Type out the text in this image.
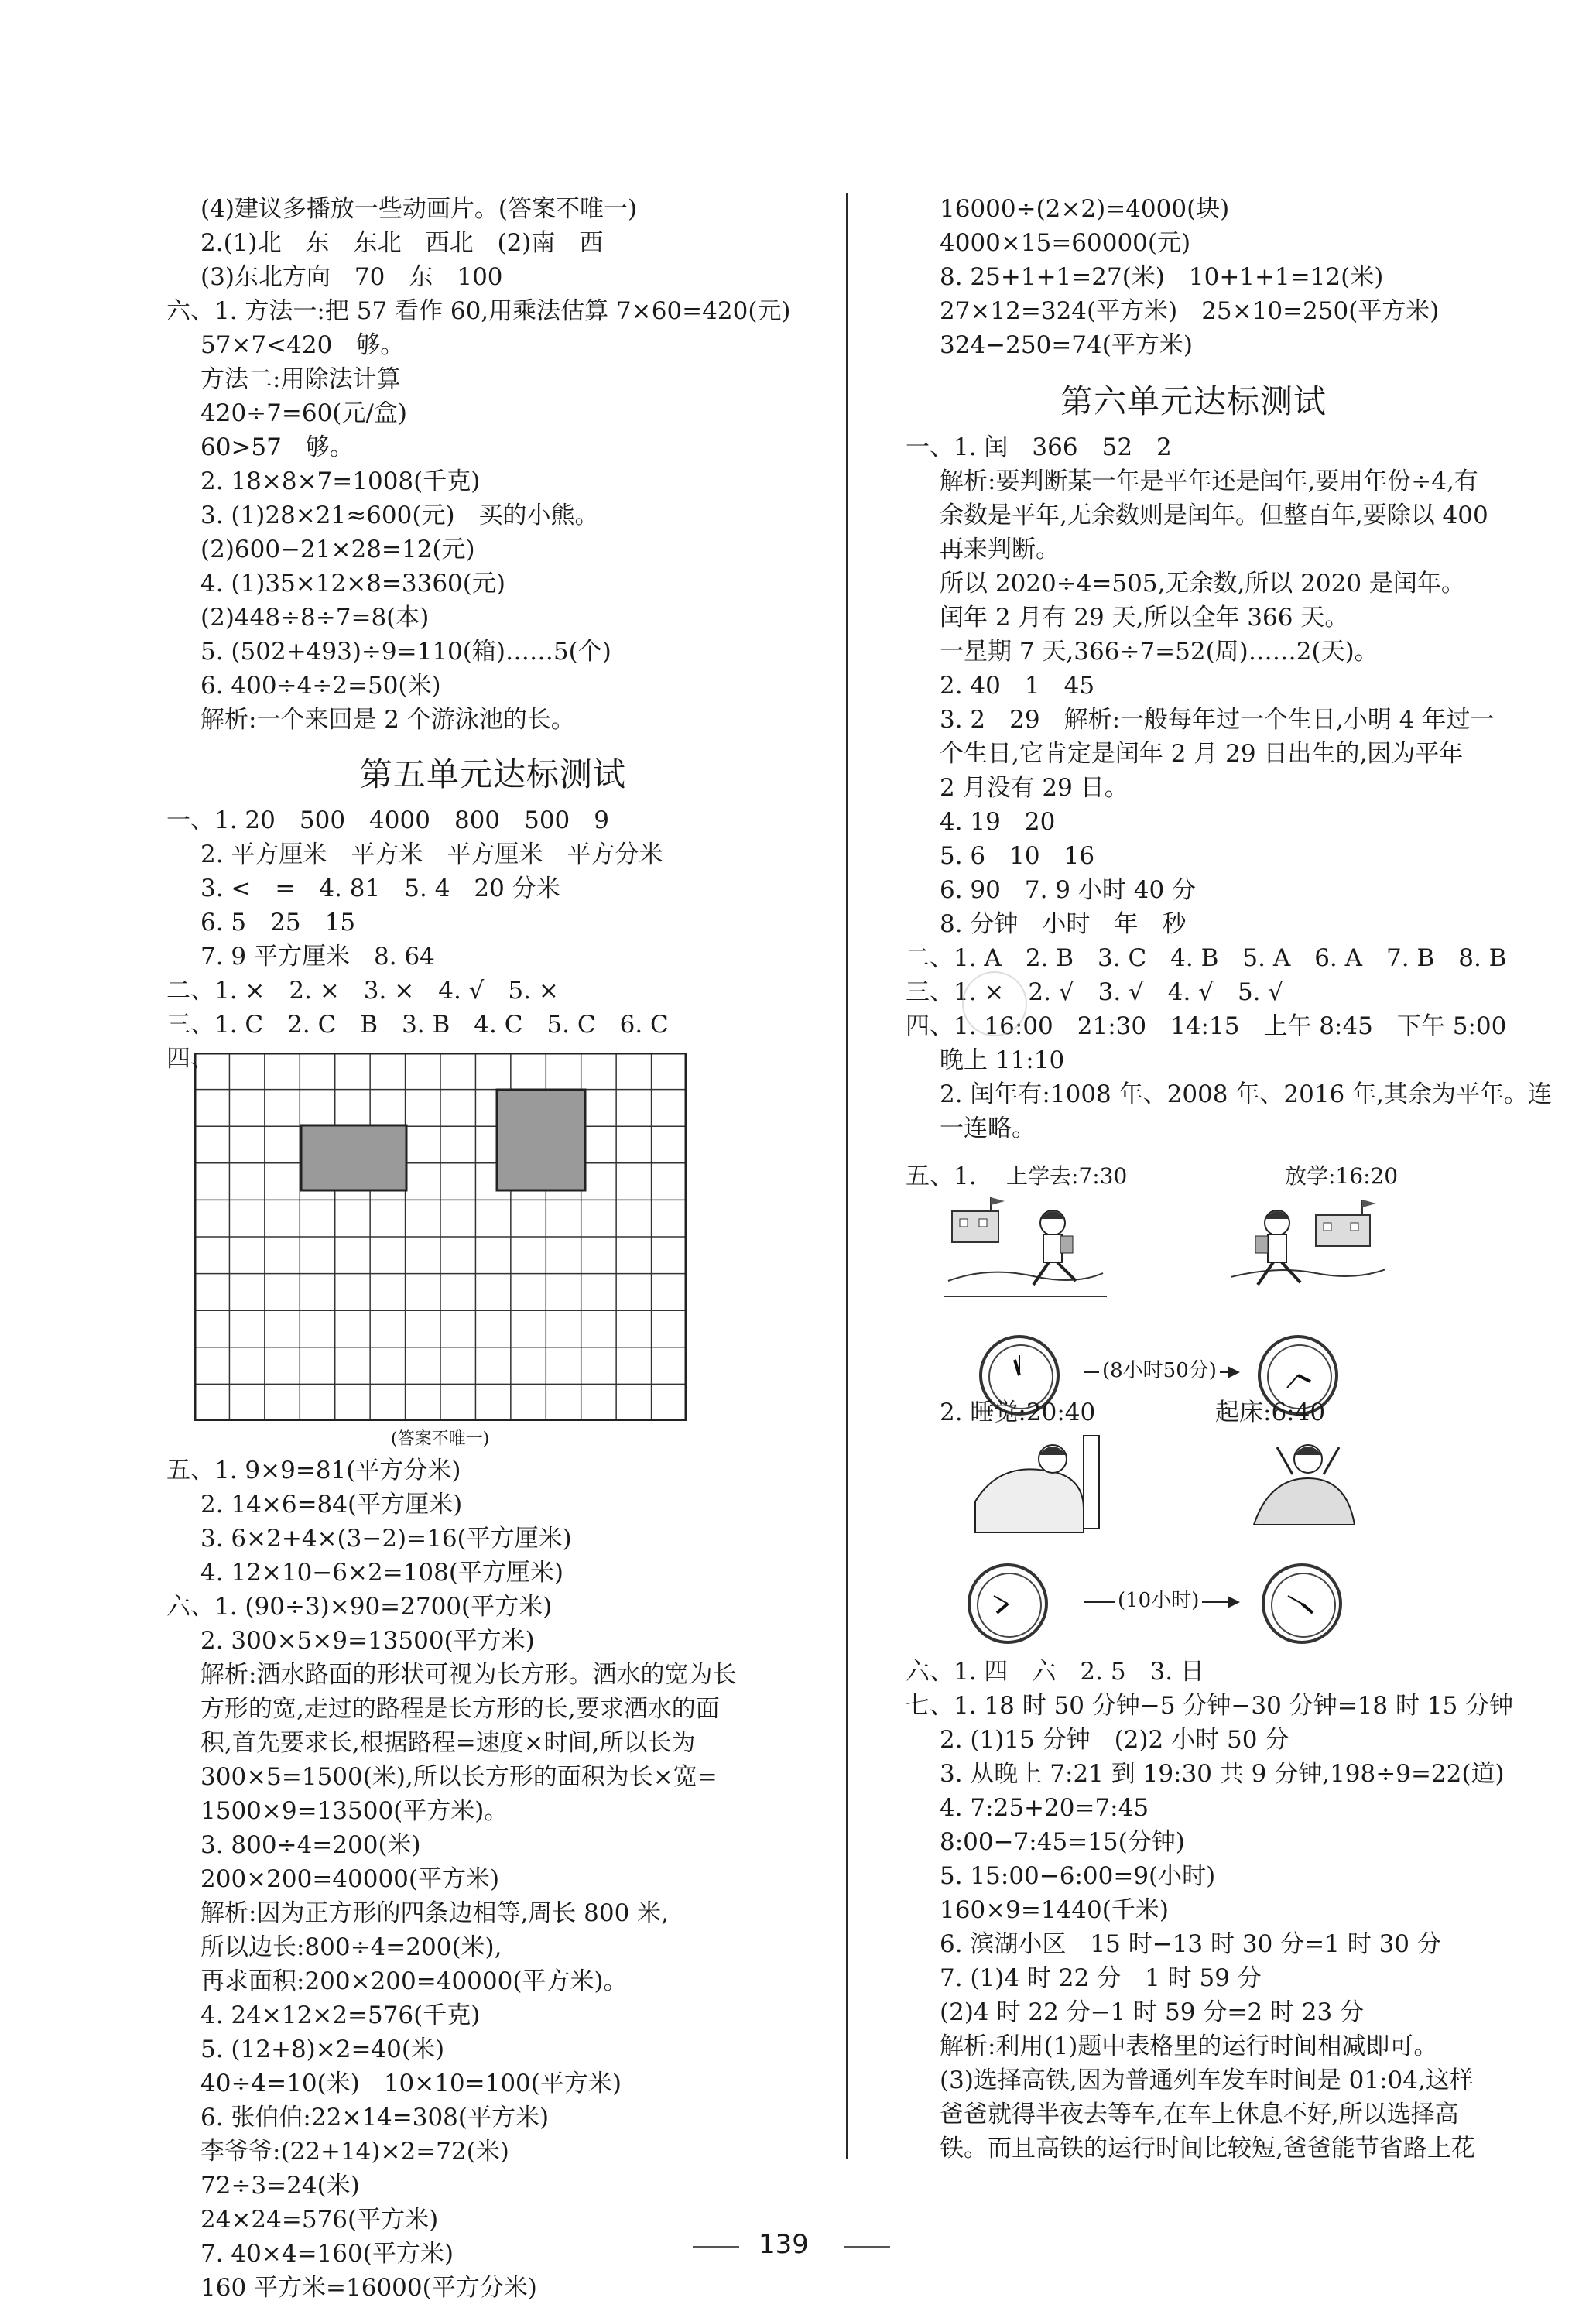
(4)建议多播放一些动画片。(答案不唯一)
2.(1)北　东　东北　西北　(2)南　西
(3)东北方向　70　东　100
六、1. 方法一:把 57 看作 60,用乘法估算 7×60=420(元)
57×7<420　够。
方法二:用除法计算
420÷7=60(元/盒)
60>57　够。
2. 18×8×7=1008(千克)
3. (1)28×21≈600(元)　买的小熊。
(2)600−21×28=12(元)
4. (1)35×12×8=3360(元)
(2)448÷8÷7=8(本)
5. (502+493)÷9=110(箱)……5(个)
6. 400÷4÷2=50(米)
解析:一个来回是 2 个游泳池的长。
第五单元达标测试
一、1. 20　500　4000　800　500　9
2. 平方厘米　平方米　平方厘米　平方分米
3. <　=　4. 81　5. 4　20 分米
6. 5　25　15
7. 9 平方厘米　8. 64
二、1. ×　2. ×　3. ×　4. √　5. ×
三、1. C　2. C　B　3. B　4. C　5. C　6. C
四、
(答案不唯一)
五、1. 9×9=81(平方分米)
2. 14×6=84(平方厘米)
3. 6×2+4×(3−2)=16(平方厘米)
4. 12×10−6×2=108(平方厘米)
六、1. (90÷3)×90=2700(平方米)
2. 300×5×9=13500(平方米)
解析:洒水路面的形状可视为长方形。洒水的宽为长
方形的宽,走过的路程是长方形的长,要求洒水的面
积,首先要求长,根据路程=速度×时间,所以长为
300×5=1500(米),所以长方形的面积为长×宽=
1500×9=13500(平方米)。
3. 800÷4=200(米)
200×200=40000(平方米)
解析:因为正方形的四条边相等,周长 800 米,
所以边长:800÷4=200(米),
再求面积:200×200=40000(平方米)。
4. 24×12×2=576(千克)
5. (12+8)×2=40(米)
40÷4=10(米)　10×10=100(平方米)
6. 张伯伯:22×14=308(平方米)
李爷爷:(22+14)×2=72(米)
72÷3=24(米)
24×24=576(平方米)
7. 40×4=160(平方米)
160 平方米=16000(平方分米)
16000÷(2×2)=4000(块)
4000×15=60000(元)
8. 25+1+1=27(米)　10+1+1=12(米)
27×12=324(平方米)　25×10=250(平方米)
324−250=74(平方米)
第六单元达标测试
一、1. 闰　366　52　2
解析:要判断某一年是平年还是闰年,要用年份÷4,有
余数是平年,无余数则是闰年。但整百年,要除以 400
再来判断。
所以 2020÷4=505,无余数,所以 2020 是闰年。
闰年 2 月有 29 天,所以全年 366 天。
一星期 7 天,366÷7=52(周)……2(天)。
2. 40　1　45
3. 2　29　解析:一般每年过一个生日,小明 4 年过一
个生日,它肯定是闰年 2 月 29 日出生的,因为平年
2 月没有 29 日。
4. 19　20
5. 6　10　16
6. 90　7. 9 小时 40 分
8. 分钟　小时　年　秒
二、1. A　2. B　3. C　4. B　5. A　6. A　7. B　8. B
三、1. ×　2. √　3. √　4. √　5. √
四、1. 16:00　21:30　14:15　上午 8:45　下午 5:00
晚上 11:10
2. 闰年有:1008 年、2008 年、2016 年,其余为平年。连
一连略。
五、1. 上学去:7:30	放学:16:20
(8小时50分)
2. 睡觉:20:40	起床:6:40
(10小时)
六、1. 四　六　2. 5　3. 日
七、1. 18 时 50 分钟−5 分钟−30 分钟=18 时 15 分钟
2. (1)15 分钟　(2)2 小时 50 分
3. 从晚上 7:21 到 19:30 共 9 分钟,198÷9=22(道)
4. 7:25+20=7:45
8:00−7:45=15(分钟)
5. 15:00−6:00=9(小时)
160×9=1440(千米)
6. 滨湖小区　15 时−13 时 30 分=1 时 30 分
7. (1)4 时 22 分　1 时 59 分
(2)4 时 22 分−1 时 59 分=2 时 23 分
解析:利用(1)题中表格里的运行时间相减即可。
(3)选择高铁,因为普通列车发车时间是 01:04,这样
爸爸就得半夜去等车,在车上休息不好,所以选择高
铁。而且高铁的运行时间比较短,爸爸能节省路上花
139
